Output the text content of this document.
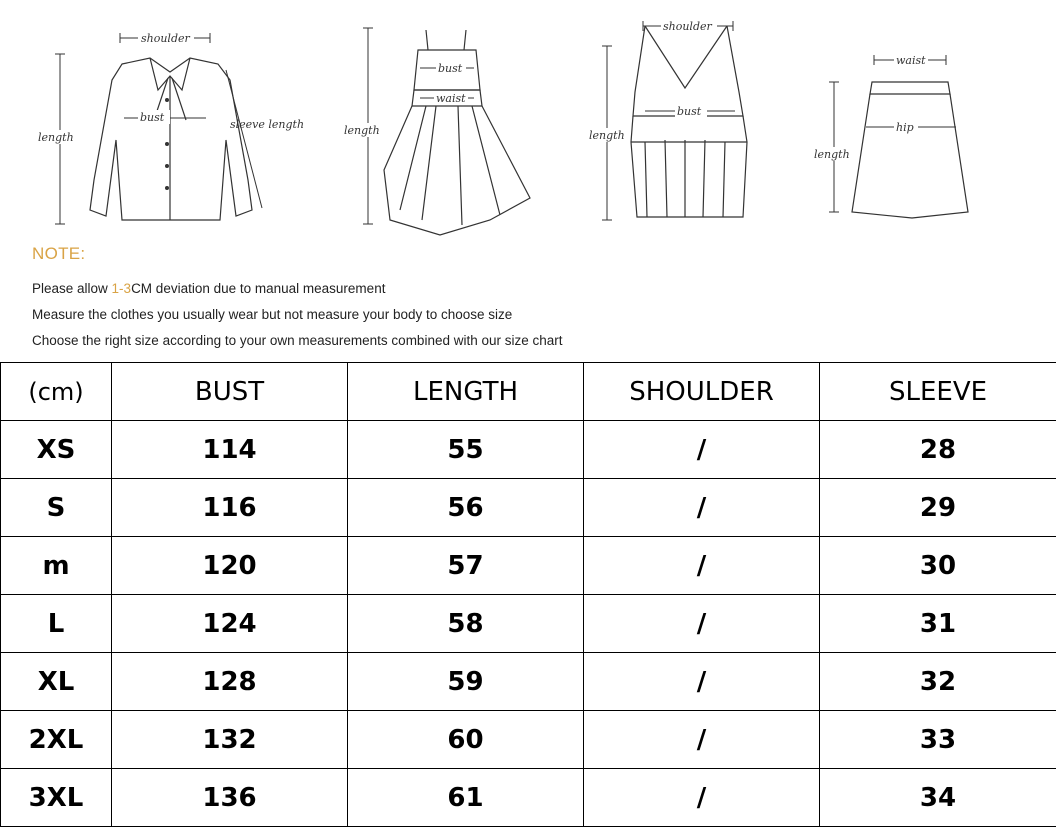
shoulder
length
bust
sleeve length	length
bust
waist
shoulder
length
bust
waist
length
hip

NOTE:

Please allow 1-3CM deviation due to manual measurement

Measure the clothes you usually wear but not measure your body to choose size

Choose the right size according to your own measurements combined with our size chart

(cm)	BUST	LENGTH	SHOULDER	SLEEVE
XS	114	55	/	28
S	116	56	/	29
m	120	57	/	30
L	124	58	/	31
XL	128	59	/	32
2XL	132	60	/	33
3XL	136	61	/	34
